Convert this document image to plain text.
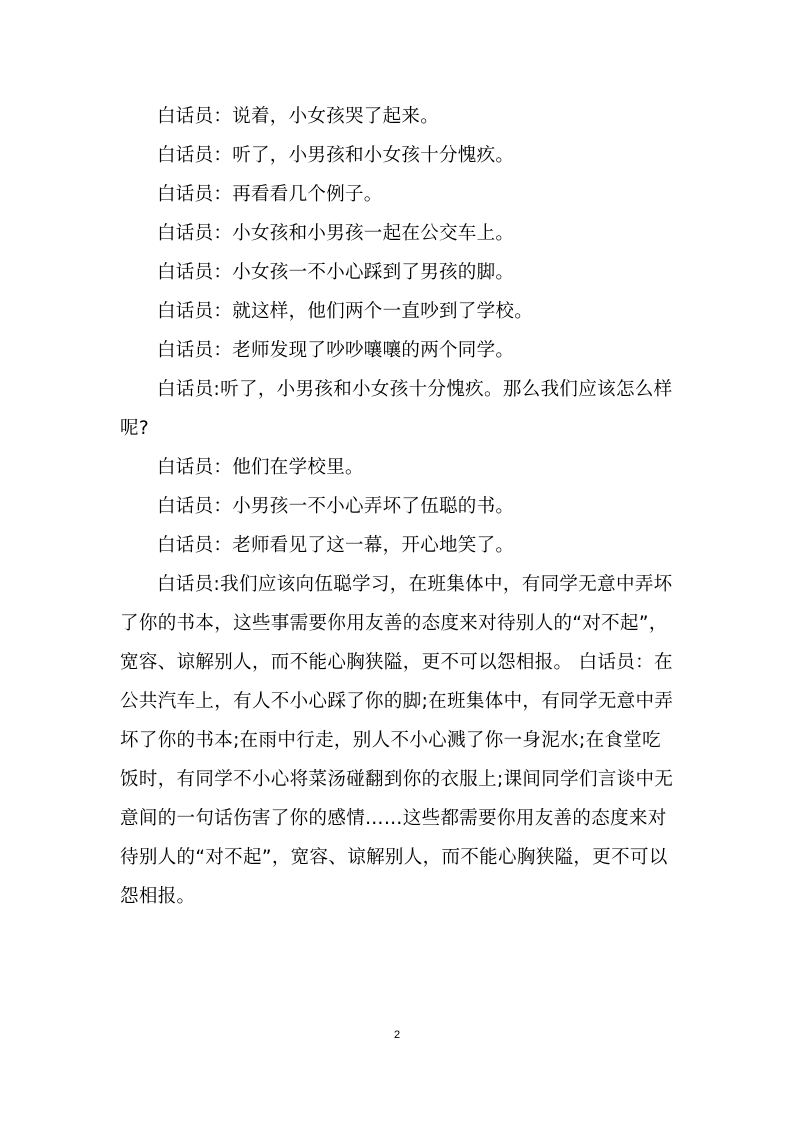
白话员：说着，小女孩哭了起来。

白话员：听了，小男孩和小女孩十分愧疚。

白话员：再看看几个例子。

白话员：小女孩和小男孩一起在公交车上。

白话员：小女孩一不小心踩到了男孩的脚。

白话员：就这样，他们两个一直吵到了学校。

白话员：老师发现了吵吵嚷嚷的两个同学。

白话员:听了，小男孩和小女孩十分愧疚。那么我们应该怎么样呢?

白话员：他们在学校里。

白话员：小男孩一不小心弄坏了伍聪的书。

白话员：老师看见了这一幕，开心地笑了。

白话员:我们应该向伍聪学习，在班集体中，有同学无意中弄坏了你的书本，这些事需要你用友善的态度来对待别人的“对不起”，宽容、谅解别人，而不能心胸狭隘，更不可以怨相报。 白话员：在公共汽车上，有人不小心踩了你的脚;在班集体中，有同学无意中弄坏了你的书本;在雨中行走，别人不小心溅了你一身泥水;在食堂吃饭时，有同学不小心将菜汤碰翻到你的衣服上;课间同学们言谈中无意间的一句话伤害了你的感情……这些都需要你用友善的态度来对待别人的“对不起”，宽容、谅解别人，而不能心胸狭隘，更不可以怨相报。

2
